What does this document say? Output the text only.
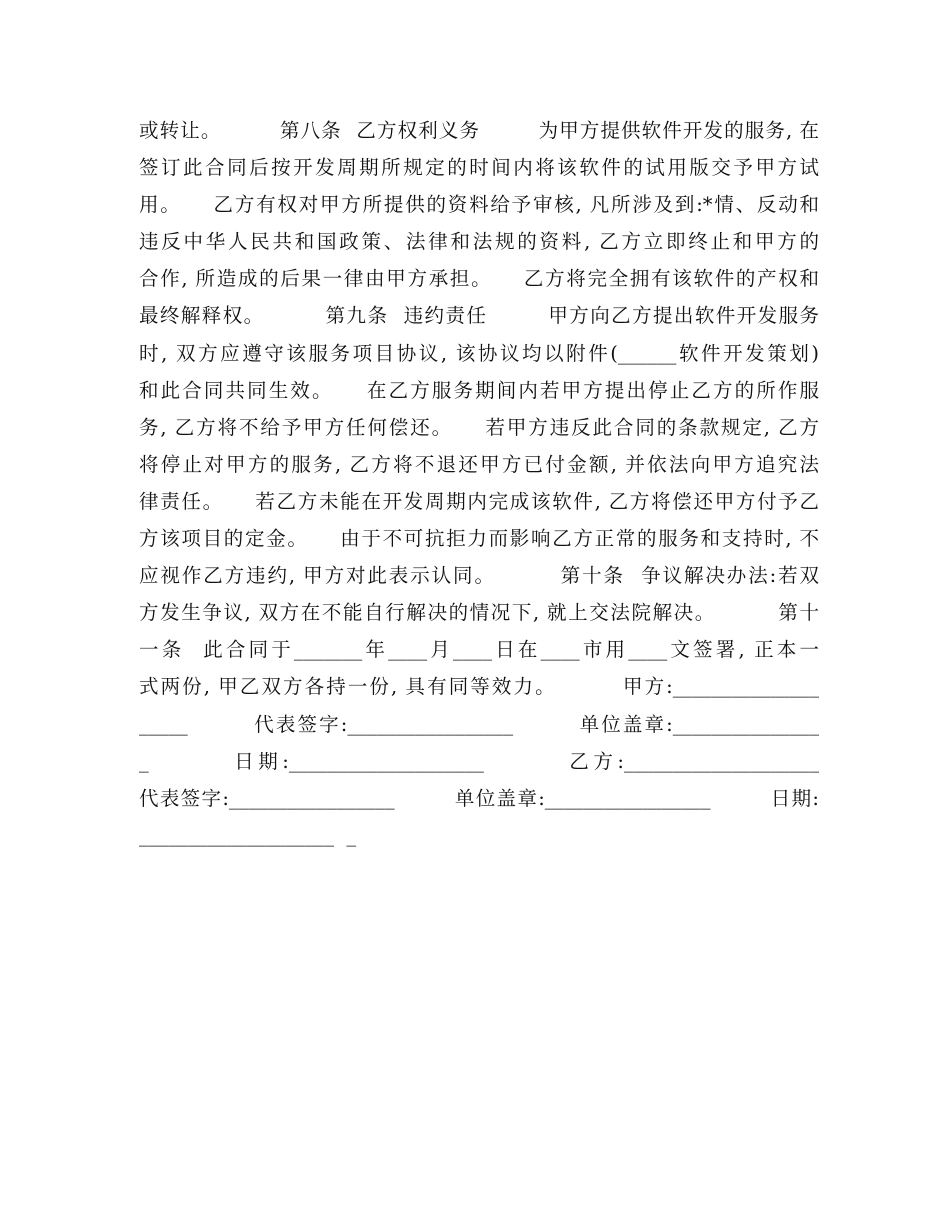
或转让。        第八条  乙方权利义务        为甲方提供软件开发的服务, 在
签订此合同后按开发周期所规定的时间内将该软件的试用版交予甲方试
用。    乙方有权对甲方所提供的资料给予审核, 凡所涉及到:*情、反动和
违反中华人民共和国政策、法律和法规的资料, 乙方立即终止和甲方的
合作, 所造成的后果一律由甲方承担。    乙方将完全拥有该软件的产权和
最终解释权。        第九条  违约责任        甲方向乙方提出软件开发服务
时, 双方应遵守该服务项目协议, 该协议均以附件(______软件开发策划)
和此合同共同生效。    在乙方服务期间内若甲方提出停止乙方的所作服
务, 乙方将不给予甲方任何偿还。    若甲方违反此合同的条款规定, 乙方
将停止对甲方的服务, 乙方将不退还甲方已付金额, 并依法向甲方追究法
律责任。    若乙方未能在开发周期内完成该软件, 乙方将偿还甲方付予乙
方该项目的定金。    由于不可抗拒力而影响乙方正常的服务和支持时, 不
应视作乙方违约, 甲方对此表示认同。        第十条  争议解决办法:若双
方发生争议, 双方在不能自行解决的情况下, 就上交法院解决。        第十
一条  此合同于_______年____月____日在____市用____文签署, 正本一
式两份, 甲乙双方各持一份, 具有同等效力。        甲方:_______________
_____        代表签字:_________________        单位盖章:_______________
_        日期:____________________        乙方:____________________
代表签字:_________________        单位盖章:_________________        日期:
____________________  _
